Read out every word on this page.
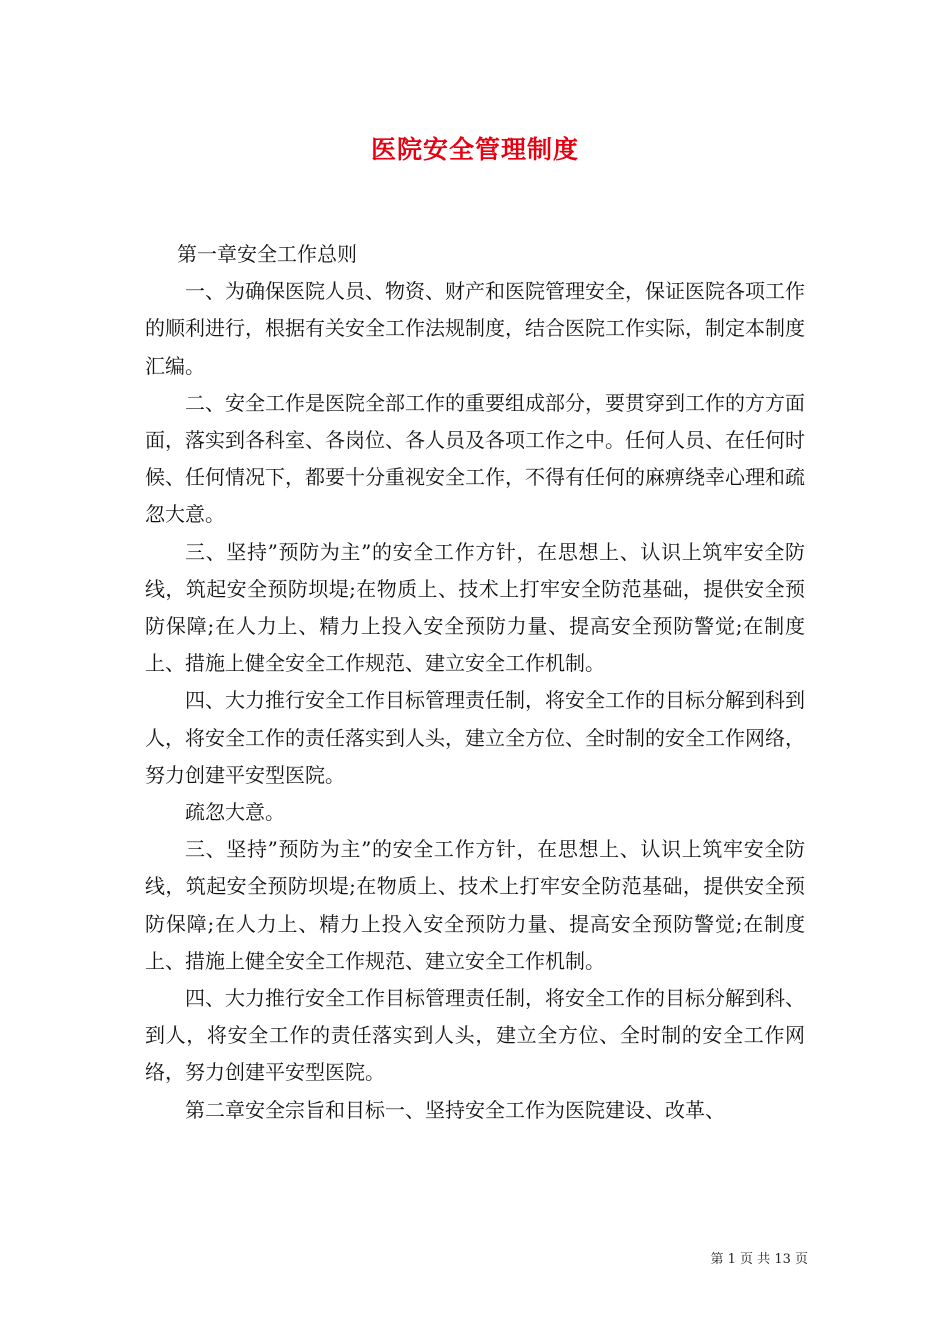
医院安全管理制度

第一章安全工作总则

一、为确保医院人员、物资、财产和医院管理安全，保证医院各项工作的顺利进行，根据有关安全工作法规制度，结合医院工作实际，制定本制度汇编。

二、安全工作是医院全部工作的重要组成部分，要贯穿到工作的方方面面，落实到各科室、各岗位、各人员及各项工作之中。任何人员、在任何时候、任何情况下，都要十分重视安全工作，不得有任何的麻痹绕幸心理和疏忽大意。

三、坚持”预防为主”的安全工作方针，在思想上、认识上筑牢安全防线，筑起安全预防坝堤;在物质上、技术上打牢安全防范基础，提供安全预防保障;在人力上、精力上投入安全预防力量、提高安全预防警觉;在制度上、措施上健全安全工作规范、建立安全工作机制。

四、大力推行安全工作目标管理责任制，将安全工作的目标分解到科到人，将安全工作的责任落实到人头，建立全方位、全时制的安全工作网络，努力创建平安型医院。

疏忽大意。

三、坚持”预防为主”的安全工作方针，在思想上、认识上筑牢安全防线，筑起安全预防坝堤;在物质上、技术上打牢安全防范基础，提供安全预防保障;在人力上、精力上投入安全预防力量、提高安全预防警觉;在制度上、措施上健全安全工作规范、建立安全工作机制。

四、大力推行安全工作目标管理责任制，将安全工作的目标分解到科、到人，将安全工作的责任落实到人头，建立全方位、全时制的安全工作网络，努力创建平安型医院。

第二章安全宗旨和目标一、坚持安全工作为医院建设、改革、

第 1 页 共 13 页
